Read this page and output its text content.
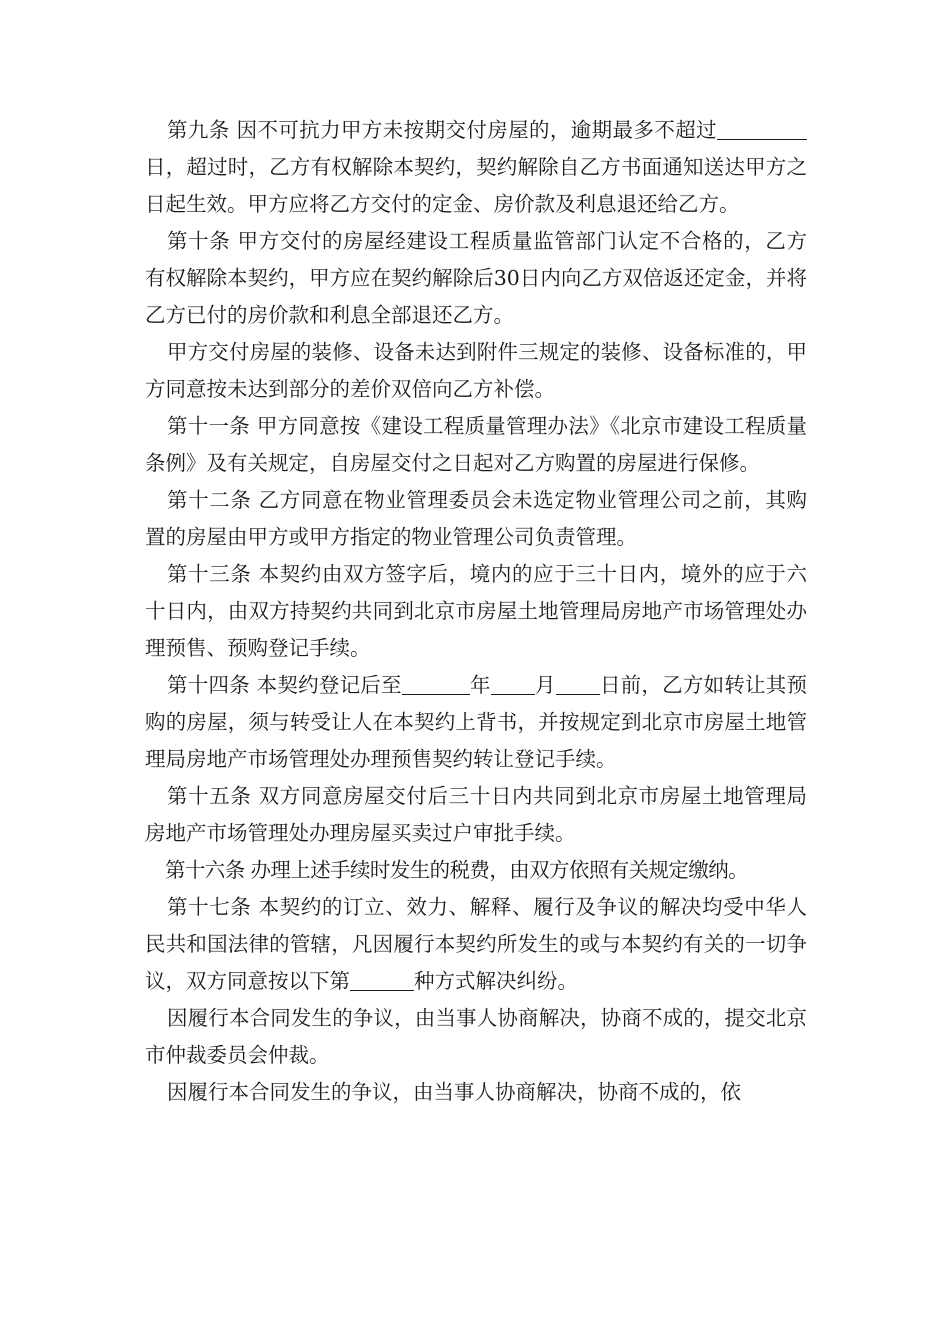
第九条 因不可抗力甲方未按期交付房屋的，逾期最多不超过日，超过时，乙方有权解除本契约，契约解除自乙方书面通知送达甲方之日起生效。甲方应将乙方交付的定金、房价款及利息退还给乙方。

第十条 甲方交付的房屋经建设工程质量监管部门认定不合格的，乙方有权解除本契约，甲方应在契约解除后30日内向乙方双倍返还定金，并将乙方已付的房价款和利息全部退还乙方。

甲方交付房屋的装修、设备未达到附件三规定的装修、设备标准的，甲方同意按未达到部分的差价双倍向乙方补偿。

第十一条 甲方同意按《建设工程质量管理办法》《北京市建设工程质量条例》及有关规定，自房屋交付之日起对乙方购置的房屋进行保修。

第十二条 乙方同意在物业管理委员会未选定物业管理公司之前，其购置的房屋由甲方或甲方指定的物业管理公司负责管理。

第十三条 本契约由双方签字后，境内的应于三十日内，境外的应于六十日内，由双方持契约共同到北京市房屋土地管理局房地产市场管理处办理预售、预购登记手续。

第十四条 本契约登记后至	年 月 日前，乙方如转让其预购的房屋，须与转受让人在本契约上背书，并按规定到北京市房屋土地管理局房地产市场管理处办理预售契约转让登记手续。

第十五条 双方同意房屋交付后三十日内共同到北京市房屋土地管理局房地产市场管理处办理房屋买卖过户审批手续。

第十六条 办理上述手续时发生的税费，由双方依照有关规定缴纳。

第十七条 本契约的订立、效力、解释、履行及争议的解决均受中华人民共和国法律的管辖，凡因履行本契约所发生的或与本契约有关的一切争议，双方同意按以下第	种方式解决纠纷。

因履行本合同发生的争议，由当事人协商解决，协商不成的，提交北京市仲裁委员会仲裁。

因履行本合同发生的争议，由当事人协商解决，协商不成的，依
